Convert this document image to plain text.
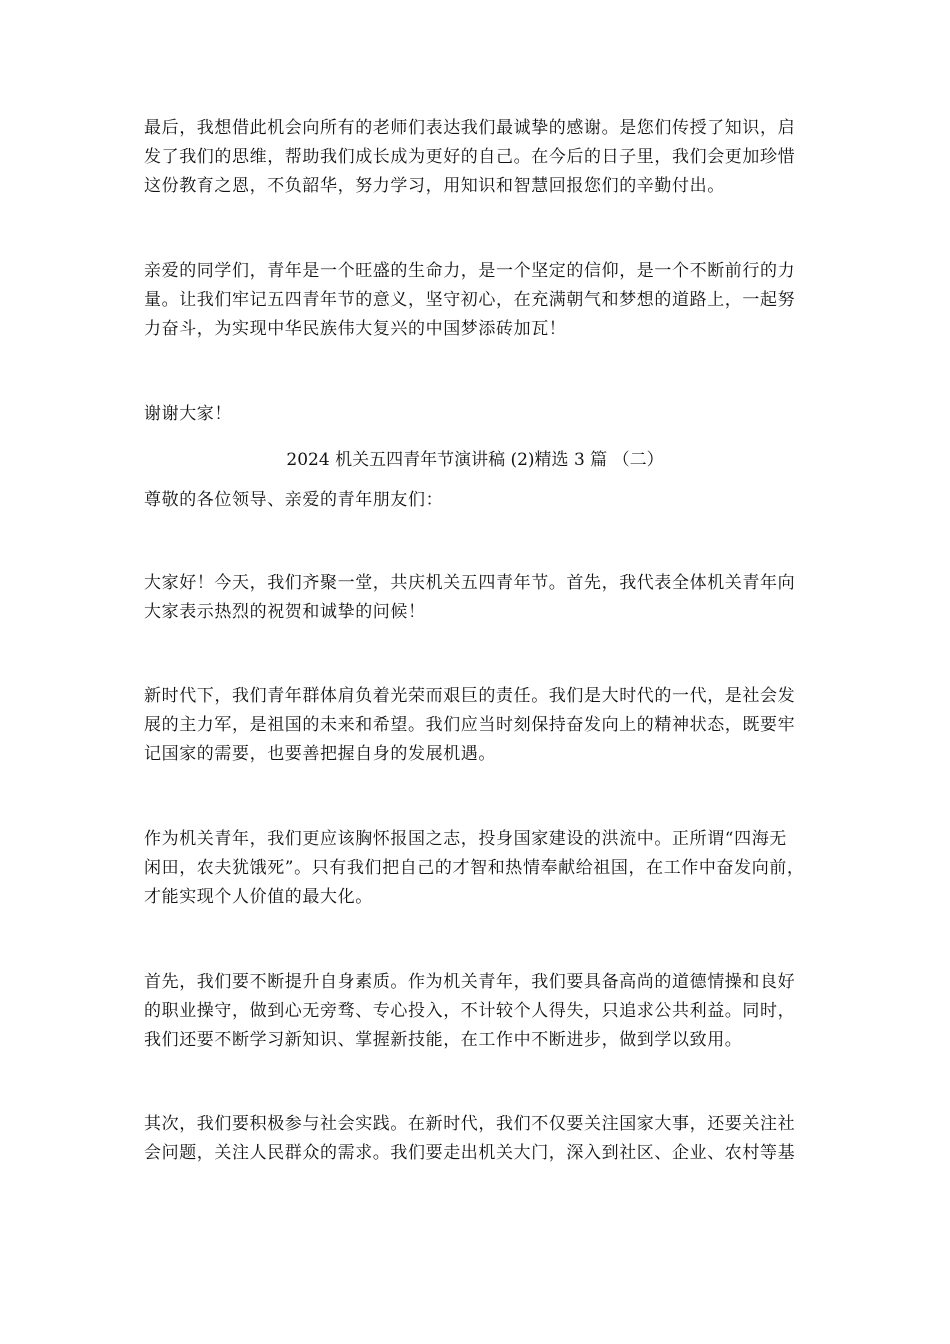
最后，我想借此机会向所有的老师们表达我们最诚挚的感谢。是您们传授了知识，启
发了我们的思维，帮助我们成长成为更好的自己。在今后的日子里，我们会更加珍惜
这份教育之恩，不负韶华，努力学习，用知识和智慧回报您们的辛勤付出。
亲爱的同学们，青年是一个旺盛的生命力，是一个坚定的信仰，是一个不断前行的力
量。让我们牢记五四青年节的意义，坚守初心，在充满朝气和梦想的道路上，一起努
力奋斗，为实现中华民族伟大复兴的中国梦添砖加瓦！
谢谢大家！
2024 机关五四青年节演讲稿 (2)精选 3 篇 （二）
尊敬的各位领导、亲爱的青年朋友们：
大家好！今天，我们齐聚一堂，共庆机关五四青年节。首先，我代表全体机关青年向
大家表示热烈的祝贺和诚挚的问候！
新时代下，我们青年群体肩负着光荣而艰巨的责任。我们是大时代的一代，是社会发
展的主力军，是祖国的未来和希望。我们应当时刻保持奋发向上的精神状态，既要牢
记国家的需要，也要善把握自身的发展机遇。
作为机关青年，我们更应该胸怀报国之志，投身国家建设的洪流中。正所谓“四海无
闲田，农夫犹饿死”。只有我们把自己的才智和热情奉献给祖国，在工作中奋发向前，
才能实现个人价值的最大化。
首先，我们要不断提升自身素质。作为机关青年，我们要具备高尚的道德情操和良好
的职业操守，做到心无旁骛、专心投入，不计较个人得失，只追求公共利益。同时，
我们还要不断学习新知识、掌握新技能，在工作中不断进步，做到学以致用。
其次，我们要积极参与社会实践。在新时代，我们不仅要关注国家大事，还要关注社
会问题，关注人民群众的需求。我们要走出机关大门，深入到社区、企业、农村等基
